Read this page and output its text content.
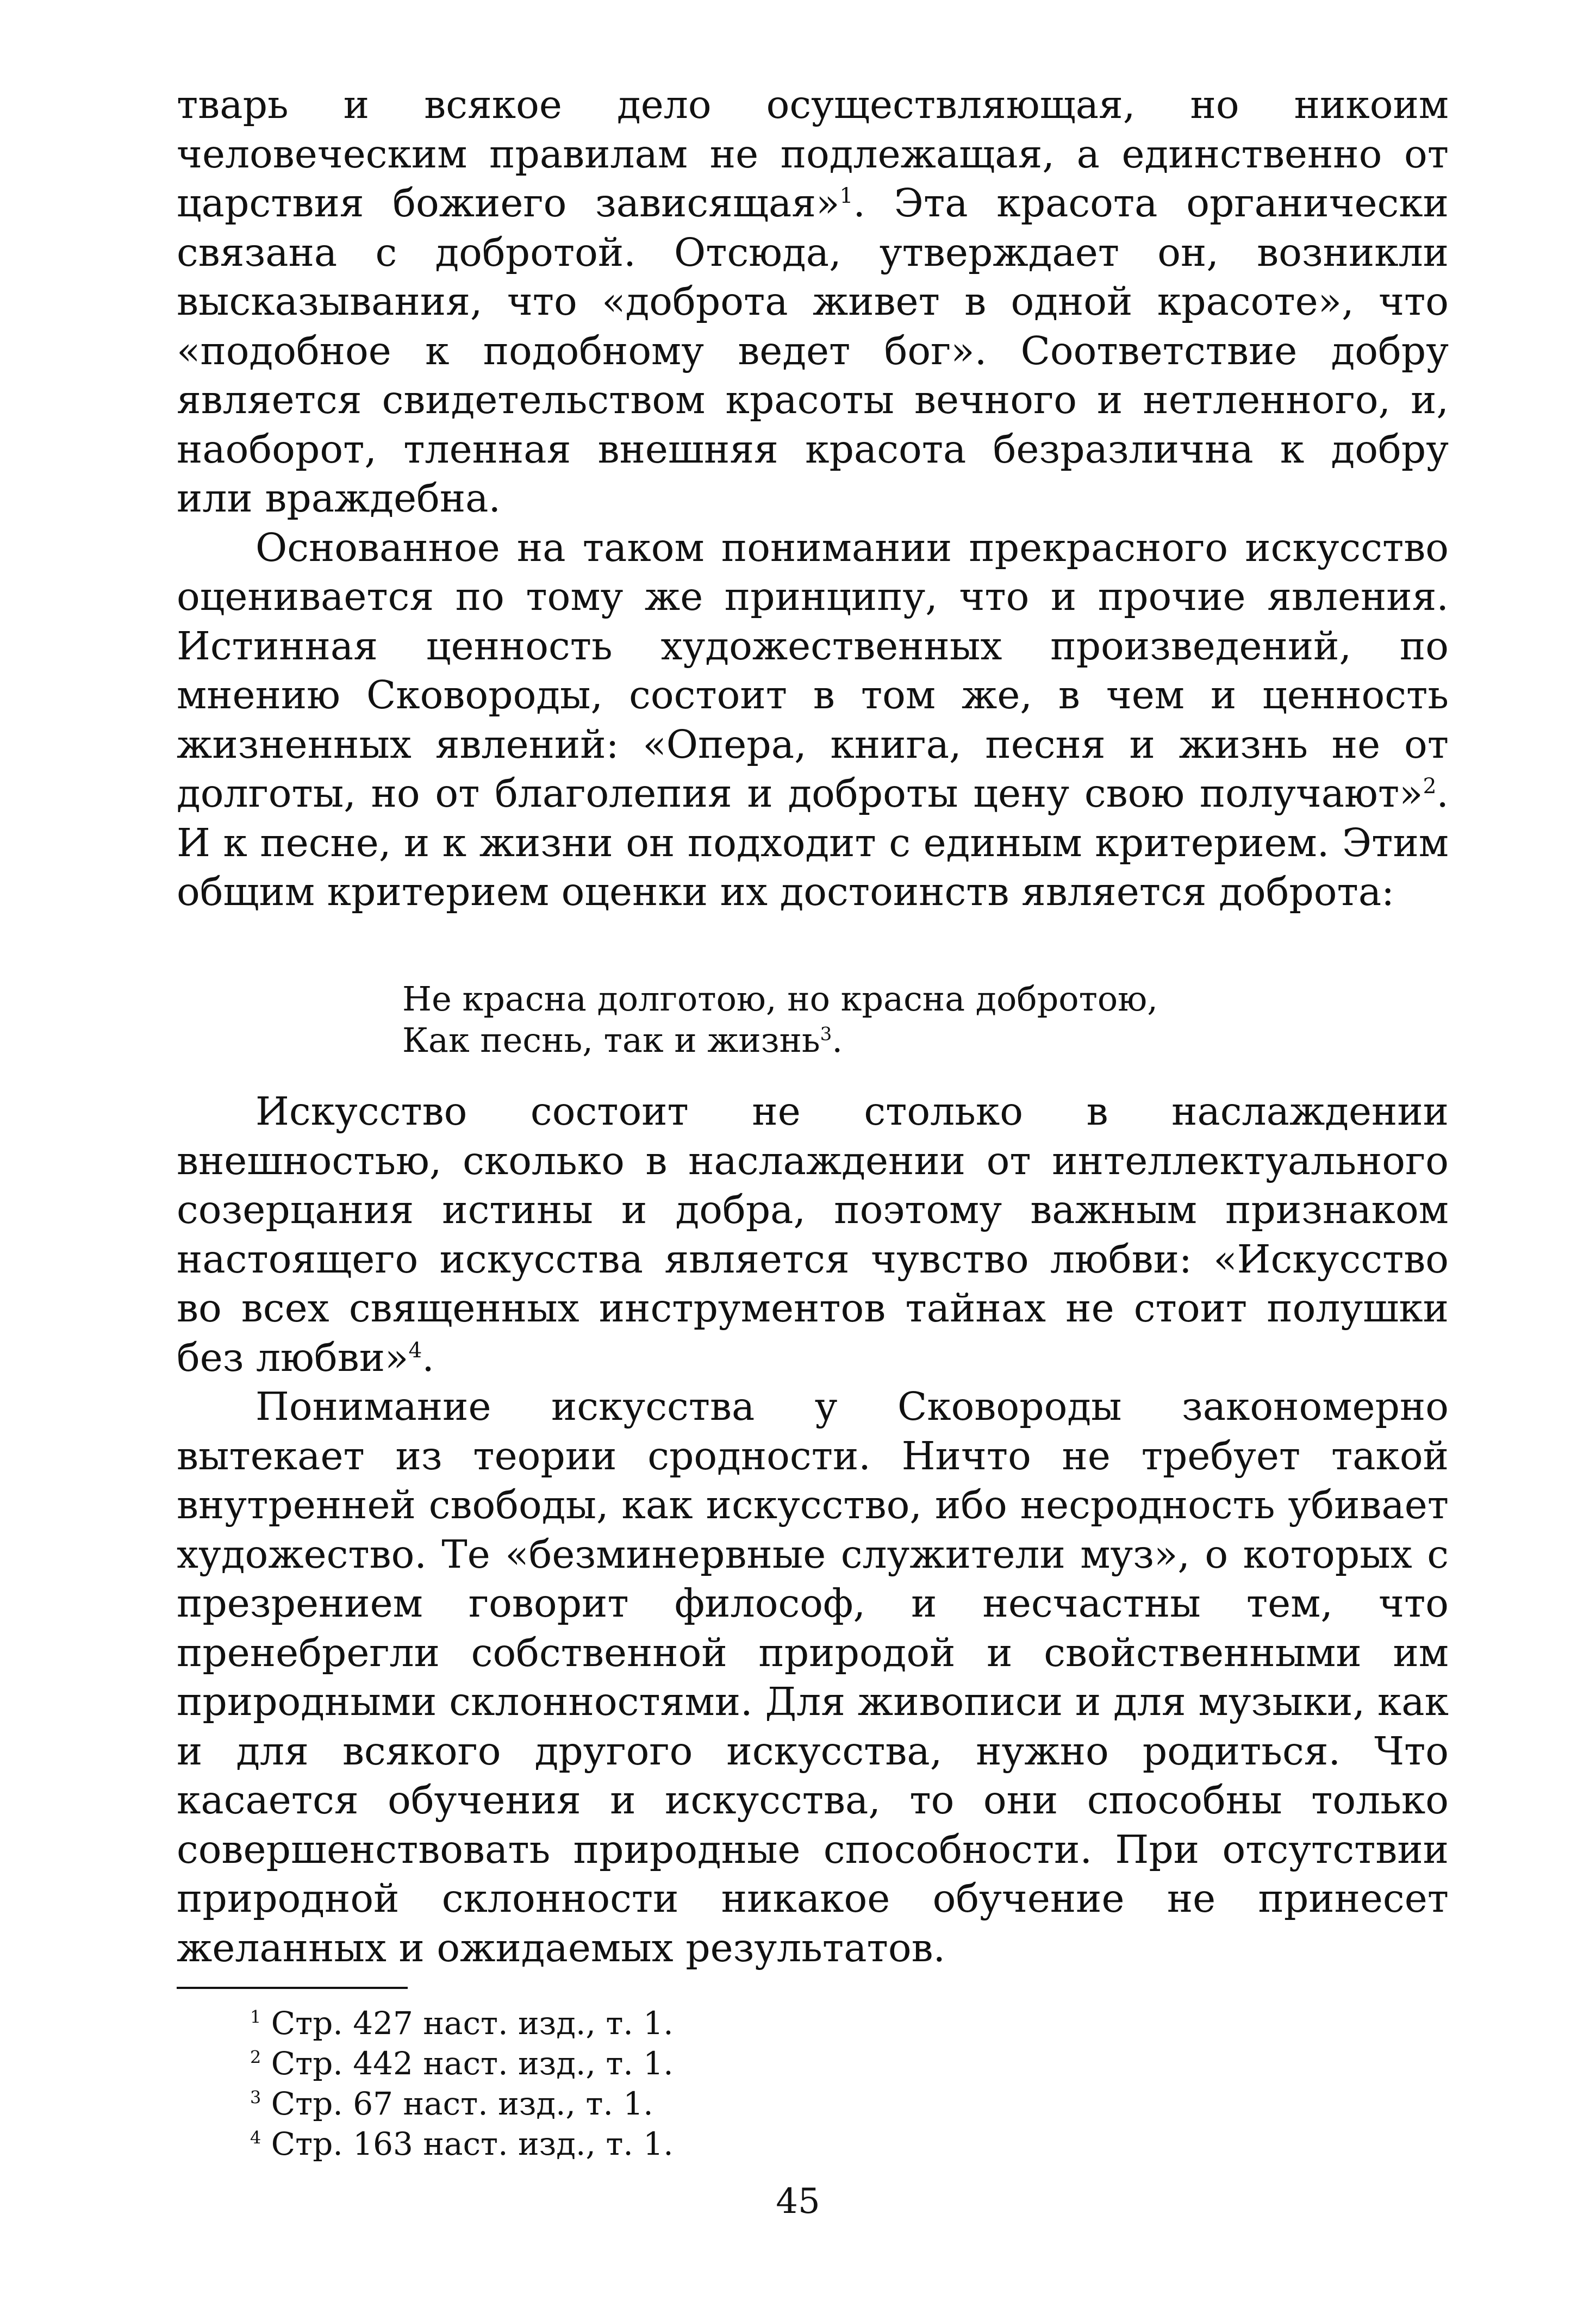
тварь и всякое дело осуществляющая, но никоим человеческим правилам не подлежащая, а единственно от царствия божиего зависящая»$^1$. Эта красота органически связана с добротой. Отсюда, утверждает он, возникли высказывания, что «доброта живет в одной красоте», что «подобное к подобному ведет бог». Соответствие добру является свидетельством красоты вечного и нетленного, и, наоборот, тленная внешняя красота безразлична к добру или враждебна.

Основанное на таком понимании прекрасного искусство оценивается по тому же принципу, что и прочие явления. Истинная ценность художественных произведений, по мнению Сковороды, состоит в том же, в чем и ценность жизненных явлений: «Опера, книга, песня и жизнь не от долготы, но от благолепия и доброты цену свою получают»$^2$. И к песне, и к жизни он подходит с единым критерием. Этим общим критерием оценки их достоинств является доброта:

Не красна долготою, но красна добротою,
Как песнь, так и жизнь$^3$.

Искусство состоит не столько в наслаждении внешностью, сколько в наслаждении от интеллектуального созерцания истины и добра, поэтому важным признаком настоящего искусства является чувство любви: «Искусство во всех священных инструментов тайнах не стоит полушки без любви»$^4$.

Понимание искусства у Сковороды закономерно вытекает из теории сродности. Ничто не требует такой внутренней свободы, как искусство, ибо несродность убивает художество. Те «безминервные служители муз», о которых с презрением говорит философ, и несчастны тем, что пренебрегли собственной природой и свойственными им природными склонностями. Для живописи и для музыки, как и для всякого другого искусства, нужно родиться. Что касается обучения и искусства, то они способны только совершенствовать природные способности. При отсутствии природной склонности никакое обучение не принесет желанных и ожидаемых результатов.

$^1$ Стр. 427 наст. изд., т. 1.
$^2$ Стр. 442 наст. изд., т. 1.
$^3$ Стр. 67 наст. изд., т. 1.
$^4$ Стр. 163 наст. изд., т. 1.
45
